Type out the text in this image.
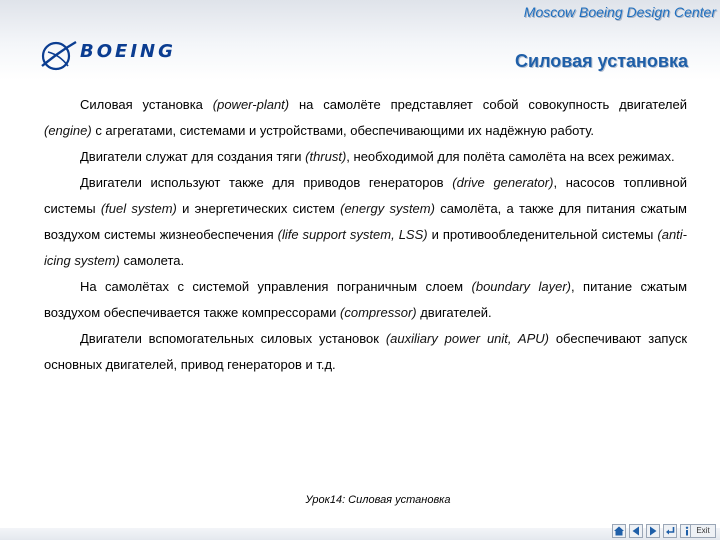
Moscow Boeing Design Center
BOEING	Силовая установка

Силовая установка (power-plant) на самолёте представляет собой совокупность двигателей (engine) с агрегатами, системами и устройствами, обеспечивающими их надёжную работу.

Двигатели служат для создания тяги (thrust), необходимой для полёта самолёта на всех режимах.

Двигатели используют также для приводов генераторов (drive generator), насосов топливной системы (fuel system) и энергетических систем (energy system) самолёта, а также для питания сжатым воздухом системы жизнеобеспечения (life support system, LSS) и противообледенительной системы (anti-icing system) самолета.

На самолётах с системой управления пограничным слоем (boundary layer), питание сжатым воздухом обеспечивается также компрессорами (compressor) двигателей.

Двигатели вспомогательных силовых установок (auxiliary power unit, APU) обеспечивают запуск основных двигателей, привод генераторов и т.д.

Урок14: Силовая установка
Exit
